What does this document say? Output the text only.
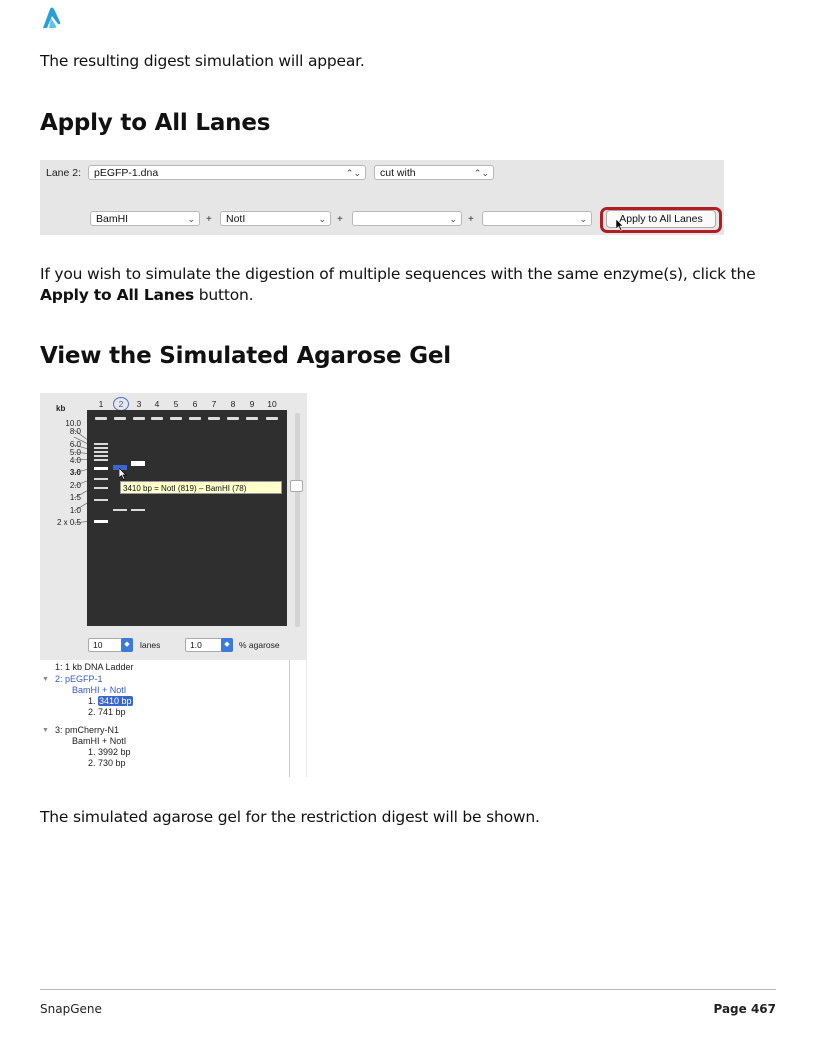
The resulting digest simulation will appear.
Apply to All Lanes
Lane 2:	pEGFP-1.dna	⌃⌄	cut with	⌃⌄
BamHI	⌄ +	NotI	⌄ +	⌄ +	⌄	Apply to All Lanes
If you wish to simulate the digestion of multiple sequences with the same enzyme(s), click the
Apply to All Lanes button.
View the Simulated Agarose Gel
kb	1	2	3	4	5	6	7	8	9	10
10.0
8.0
6.0
5.0
4.0
3.0
2.0
1.5
1.0
2 x 0.5
3410 bp = NotI (819) – BamHI (78)
10	◆	lanes	1.0	◆	% agarose
1: 1 kb DNA Ladder
▼ 2: pEGFP-1
BamHI + NotI
1. 3410 bp
2. 741 bp
▼ 3: pmCherry-N1
BamHI + NotI
1. 3992 bp
2. 730 bp
The simulated agarose gel for the restriction digest will be shown.
SnapGene	Page 467
